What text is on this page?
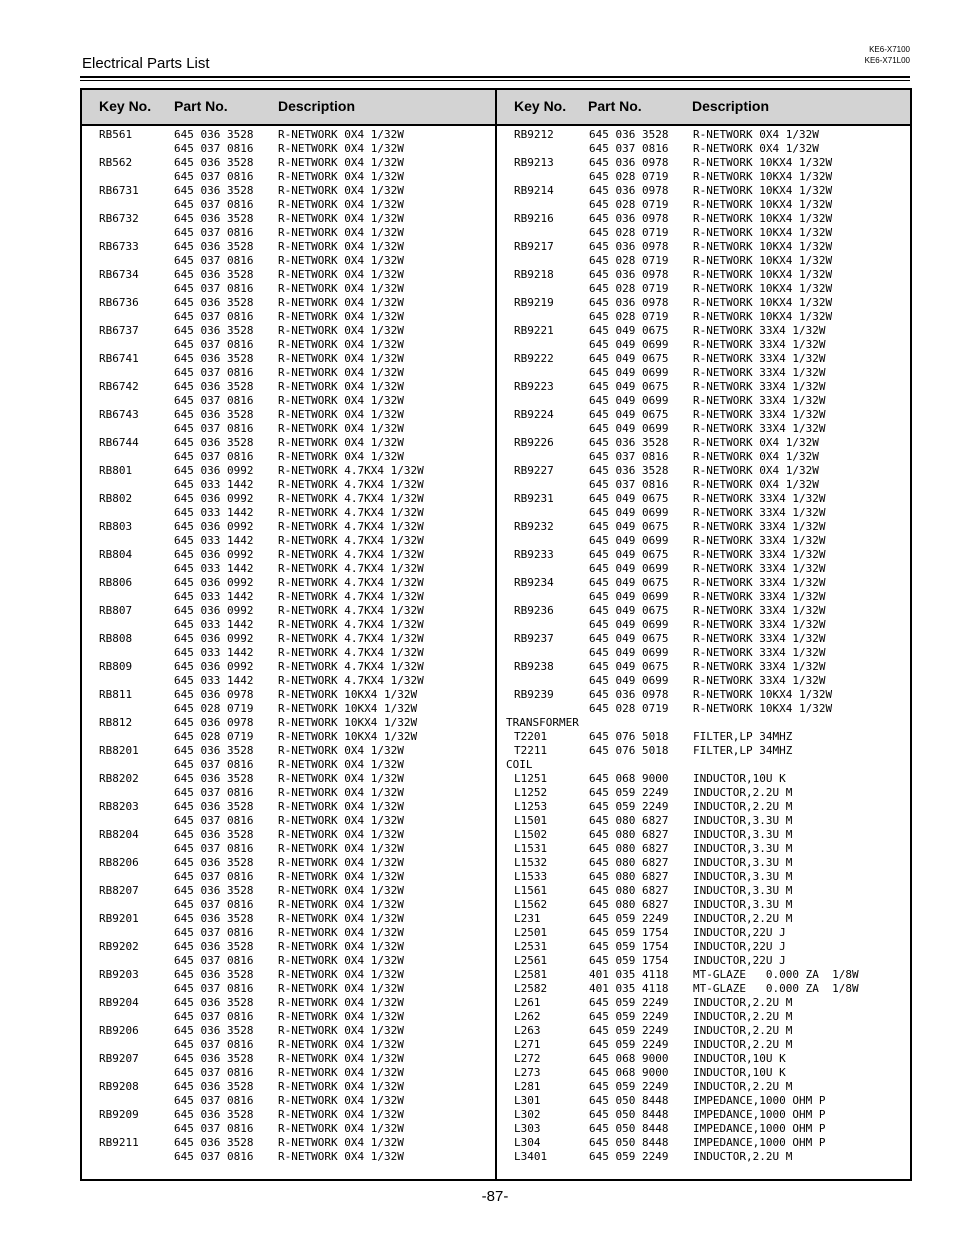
Electrical Parts List
KE6-X7100
KE6-X71L00
Key No. Part No.	Description	Key No. Part No.	Description
RB561	645 036 3528 R-NETWORK 0X4 1/32W
645 037 0816 R-NETWORK 0X4 1/32W
RB562	645 036 3528 R-NETWORK 0X4 1/32W
645 037 0816 R-NETWORK 0X4 1/32W
RB6731	645 036 3528 R-NETWORK 0X4 1/32W
645 037 0816 R-NETWORK 0X4 1/32W
RB6732	645 036 3528 R-NETWORK 0X4 1/32W
645 037 0816 R-NETWORK 0X4 1/32W
RB6733	645 036 3528 R-NETWORK 0X4 1/32W
645 037 0816 R-NETWORK 0X4 1/32W
RB6734	645 036 3528 R-NETWORK 0X4 1/32W
645 037 0816 R-NETWORK 0X4 1/32W
RB6736	645 036 3528 R-NETWORK 0X4 1/32W
645 037 0816 R-NETWORK 0X4 1/32W
RB6737	645 036 3528 R-NETWORK 0X4 1/32W
645 037 0816 R-NETWORK 0X4 1/32W
RB6741	645 036 3528 R-NETWORK 0X4 1/32W
645 037 0816 R-NETWORK 0X4 1/32W
RB6742	645 036 3528 R-NETWORK 0X4 1/32W
645 037 0816 R-NETWORK 0X4 1/32W
RB6743	645 036 3528 R-NETWORK 0X4 1/32W
645 037 0816 R-NETWORK 0X4 1/32W
RB6744	645 036 3528 R-NETWORK 0X4 1/32W
645 037 0816 R-NETWORK 0X4 1/32W
RB801	645 036 0992 R-NETWORK 4.7KX4 1/32W
645 033 1442 R-NETWORK 4.7KX4 1/32W
RB802	645 036 0992 R-NETWORK 4.7KX4 1/32W
645 033 1442 R-NETWORK 4.7KX4 1/32W
RB803	645 036 0992 R-NETWORK 4.7KX4 1/32W
645 033 1442 R-NETWORK 4.7KX4 1/32W
RB804	645 036 0992 R-NETWORK 4.7KX4 1/32W
645 033 1442 R-NETWORK 4.7KX4 1/32W
RB806	645 036 0992 R-NETWORK 4.7KX4 1/32W
645 033 1442 R-NETWORK 4.7KX4 1/32W
RB807	645 036 0992 R-NETWORK 4.7KX4 1/32W
645 033 1442 R-NETWORK 4.7KX4 1/32W
RB808	645 036 0992 R-NETWORK 4.7KX4 1/32W
645 033 1442 R-NETWORK 4.7KX4 1/32W
RB809	645 036 0992 R-NETWORK 4.7KX4 1/32W
645 033 1442 R-NETWORK 4.7KX4 1/32W
RB811	645 036 0978 R-NETWORK 10KX4 1/32W
645 028 0719 R-NETWORK 10KX4 1/32W
RB812	645 036 0978 R-NETWORK 10KX4 1/32W
645 028 0719 R-NETWORK 10KX4 1/32W
RB8201	645 036 3528 R-NETWORK 0X4 1/32W
645 037 0816 R-NETWORK 0X4 1/32W
RB8202	645 036 3528 R-NETWORK 0X4 1/32W
645 037 0816 R-NETWORK 0X4 1/32W
RB8203	645 036 3528 R-NETWORK 0X4 1/32W
645 037 0816 R-NETWORK 0X4 1/32W
RB8204	645 036 3528 R-NETWORK 0X4 1/32W
645 037 0816 R-NETWORK 0X4 1/32W
RB8206	645 036 3528 R-NETWORK 0X4 1/32W
645 037 0816 R-NETWORK 0X4 1/32W
RB8207	645 036 3528 R-NETWORK 0X4 1/32W
645 037 0816 R-NETWORK 0X4 1/32W
RB9201	645 036 3528 R-NETWORK 0X4 1/32W
645 037 0816 R-NETWORK 0X4 1/32W
RB9202	645 036 3528 R-NETWORK 0X4 1/32W
645 037 0816 R-NETWORK 0X4 1/32W
RB9203	645 036 3528 R-NETWORK 0X4 1/32W
645 037 0816 R-NETWORK 0X4 1/32W
RB9204	645 036 3528 R-NETWORK 0X4 1/32W
645 037 0816 R-NETWORK 0X4 1/32W
RB9206	645 036 3528 R-NETWORK 0X4 1/32W
645 037 0816 R-NETWORK 0X4 1/32W
RB9207	645 036 3528 R-NETWORK 0X4 1/32W
645 037 0816 R-NETWORK 0X4 1/32W
RB9208	645 036 3528 R-NETWORK 0X4 1/32W
645 037 0816 R-NETWORK 0X4 1/32W
RB9209	645 036 3528 R-NETWORK 0X4 1/32W
645 037 0816 R-NETWORK 0X4 1/32W
RB9211	645 036 3528 R-NETWORK 0X4 1/32W
645 037 0816 R-NETWORK 0X4 1/32W
RB9212	645 036 3528 R-NETWORK 0X4 1/32W
645 037 0816 R-NETWORK 0X4 1/32W
RB9213	645 036 0978 R-NETWORK 10KX4 1/32W
645 028 0719 R-NETWORK 10KX4 1/32W
RB9214	645 036 0978 R-NETWORK 10KX4 1/32W
645 028 0719 R-NETWORK 10KX4 1/32W
RB9216	645 036 0978 R-NETWORK 10KX4 1/32W
645 028 0719 R-NETWORK 10KX4 1/32W
RB9217	645 036 0978 R-NETWORK 10KX4 1/32W
645 028 0719 R-NETWORK 10KX4 1/32W
RB9218	645 036 0978 R-NETWORK 10KX4 1/32W
645 028 0719 R-NETWORK 10KX4 1/32W
RB9219	645 036 0978 R-NETWORK 10KX4 1/32W
645 028 0719 R-NETWORK 10KX4 1/32W
RB9221	645 049 0675 R-NETWORK 33X4 1/32W
645 049 0699 R-NETWORK 33X4 1/32W
RB9222	645 049 0675 R-NETWORK 33X4 1/32W
645 049 0699 R-NETWORK 33X4 1/32W
RB9223	645 049 0675 R-NETWORK 33X4 1/32W
645 049 0699 R-NETWORK 33X4 1/32W
RB9224	645 049 0675 R-NETWORK 33X4 1/32W
645 049 0699 R-NETWORK 33X4 1/32W
RB9226	645 036 3528 R-NETWORK 0X4 1/32W
645 037 0816 R-NETWORK 0X4 1/32W
RB9227	645 036 3528 R-NETWORK 0X4 1/32W
645 037 0816 R-NETWORK 0X4 1/32W
RB9231	645 049 0675 R-NETWORK 33X4 1/32W
645 049 0699 R-NETWORK 33X4 1/32W
RB9232	645 049 0675 R-NETWORK 33X4 1/32W
645 049 0699 R-NETWORK 33X4 1/32W
RB9233	645 049 0675 R-NETWORK 33X4 1/32W
645 049 0699 R-NETWORK 33X4 1/32W
RB9234	645 049 0675 R-NETWORK 33X4 1/32W
645 049 0699 R-NETWORK 33X4 1/32W
RB9236	645 049 0675 R-NETWORK 33X4 1/32W
645 049 0699 R-NETWORK 33X4 1/32W
RB9237	645 049 0675 R-NETWORK 33X4 1/32W
645 049 0699 R-NETWORK 33X4 1/32W
RB9238	645 049 0675 R-NETWORK 33X4 1/32W
645 049 0699 R-NETWORK 33X4 1/32W
RB9239	645 036 0978 R-NETWORK 10KX4 1/32W
645 028 0719 R-NETWORK 10KX4 1/32W
TRANSFORMER
T2201	645 076 5018 FILTER,LP 34MHZ
T2211	645 076 5018 FILTER,LP 34MHZ
COIL
L1251	645 068 9000 INDUCTOR,10U K
L1252	645 059 2249 INDUCTOR,2.2U M
L1253	645 059 2249 INDUCTOR,2.2U M
L1501	645 080 6827 INDUCTOR,3.3U M
L1502	645 080 6827 INDUCTOR,3.3U M
L1531	645 080 6827 INDUCTOR,3.3U M
L1532	645 080 6827 INDUCTOR,3.3U M
L1533	645 080 6827 INDUCTOR,3.3U M
L1561	645 080 6827 INDUCTOR,3.3U M
L1562	645 080 6827 INDUCTOR,3.3U M
L231	645 059 2249 INDUCTOR,2.2U M
L2501	645 059 1754 INDUCTOR,22U J
L2531	645 059 1754 INDUCTOR,22U J
L2561	645 059 1754 INDUCTOR,22U J
L2581	401 035 4118 MT-GLAZE   0.000 ZA  1/8W
L2582	401 035 4118 MT-GLAZE   0.000 ZA  1/8W
L261	645 059 2249 INDUCTOR,2.2U M
L262	645 059 2249 INDUCTOR,2.2U M
L263	645 059 2249 INDUCTOR,2.2U M
L271	645 059 2249 INDUCTOR,2.2U M
L272	645 068 9000 INDUCTOR,10U K
L273	645 068 9000 INDUCTOR,10U K
L281	645 059 2249 INDUCTOR,2.2U M
L301	645 050 8448 IMPEDANCE,1000 OHM P
L302	645 050 8448 IMPEDANCE,1000 OHM P
L303	645 050 8448 IMPEDANCE,1000 OHM P
L304	645 050 8448 IMPEDANCE,1000 OHM P
L3401	645 059 2249 INDUCTOR,2.2U M
-87-
